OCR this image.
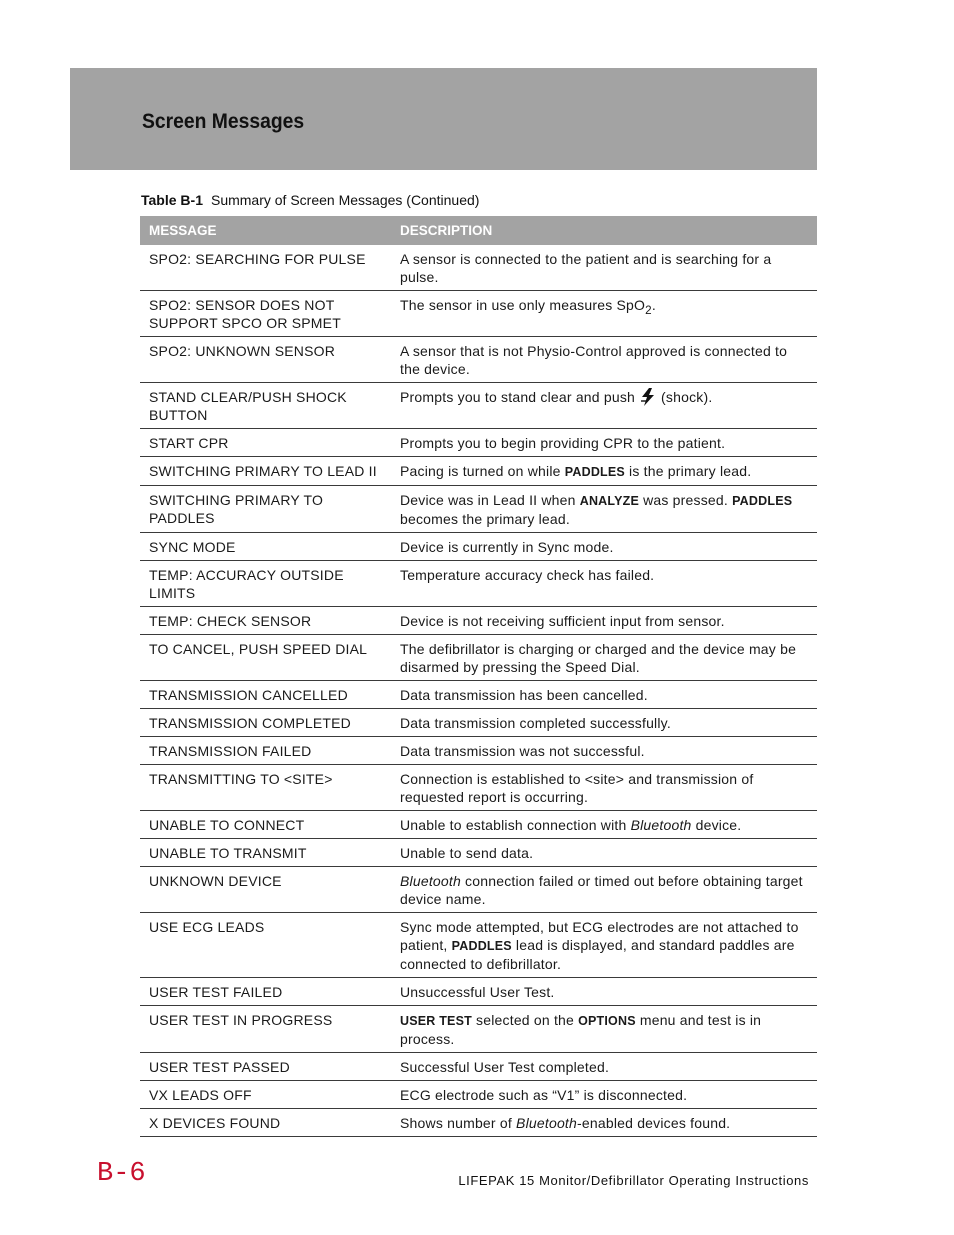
Screen Messages
Table B-1 Summary of Screen Messages (Continued)
MESSAGE	DESCRIPTION
SPO2: SEARCHING FOR PULSE	A sensor is connected to the patient and is searching for a pulse.
SPO2: SENSOR DOES NOT SUPPORT SPCO OR SPMET	The sensor in use only measures SpO$_2$.
SPO2: UNKNOWN SENSOR	A sensor that is not Physio-Control approved is connected to the device.
STAND CLEAR/PUSH SHOCK BUTTON	Prompts you to stand clear and push (shock).
START CPR	Prompts you to begin providing CPR to the patient.
SWITCHING PRIMARY TO LEAD II	Pacing is turned on while PADDLES is the primary lead.
SWITCHING PRIMARY TO PADDLES	Device was in Lead II when ANALYZE was pressed. PADDLES becomes the primary lead.
SYNC MODE	Device is currently in Sync mode.
TEMP: ACCURACY OUTSIDE LIMITS	Temperature accuracy check has failed.
TEMP: CHECK SENSOR	Device is not receiving sufficient input from sensor.
TO CANCEL, PUSH SPEED DIAL	The defibrillator is charging or charged and the device may be disarmed by pressing the Speed Dial.
TRANSMISSION CANCELLED	Data transmission has been cancelled.
TRANSMISSION COMPLETED	Data transmission completed successfully.
TRANSMISSION FAILED	Data transmission was not successful.
TRANSMITTING TO <SITE>	Connection is established to <site> and transmission of requested report is occurring.
UNABLE TO CONNECT	Unable to establish connection with Bluetooth device.
UNABLE TO TRANSMIT	Unable to send data.
UNKNOWN DEVICE	Bluetooth connection failed or timed out before obtaining target device name.
USE ECG LEADS	Sync mode attempted, but ECG electrodes are not attached to patient, PADDLES lead is displayed, and standard paddles are connected to defibrillator.
USER TEST FAILED	Unsuccessful User Test.
USER TEST IN PROGRESS	USER TEST selected on the OPTIONS menu and test is in process.
USER TEST PASSED	Successful User Test completed.
VX LEADS OFF	ECG electrode such as “V1” is disconnected.
X DEVICES FOUND	Shows number of Bluetooth-enabled devices found.
B-6	LIFEPAK 15 Monitor/Defibrillator Operating Instructions
